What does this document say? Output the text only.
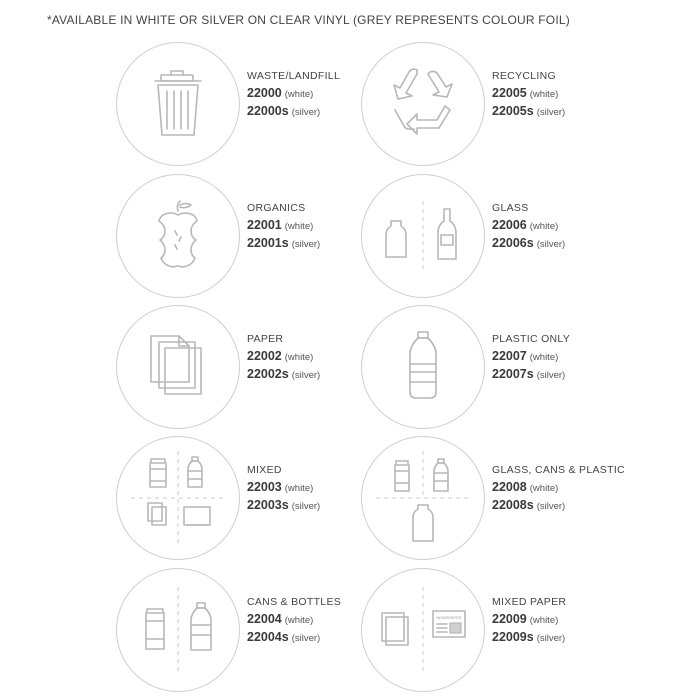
*AVAILABLE IN WHITE OR SILVER ON CLEAR VINYL (GREY REPRESENTS COLOUR FOIL)
WASTE/LANDFILL
22000 (white)
22000s (silver)
RECYCLING
22005 (white)
22005s (silver)
ORGANICS
22001 (white)
22001s (silver)
GLASS
22006 (white)
22006s (silver)
PAPER
22002 (white)
22002s (silver)
PLASTIC ONLY
22007 (white)
22007s (silver)
MIXED
22003 (white)
22003s (silver)
GLASS, CANS & PLASTIC
22008 (white)
22008s (silver)
CANS & BOTTLES
22004 (white)
22004s (silver)
NEWSPAPER
MIXED PAPER
22009 (white)
22009s (silver)
